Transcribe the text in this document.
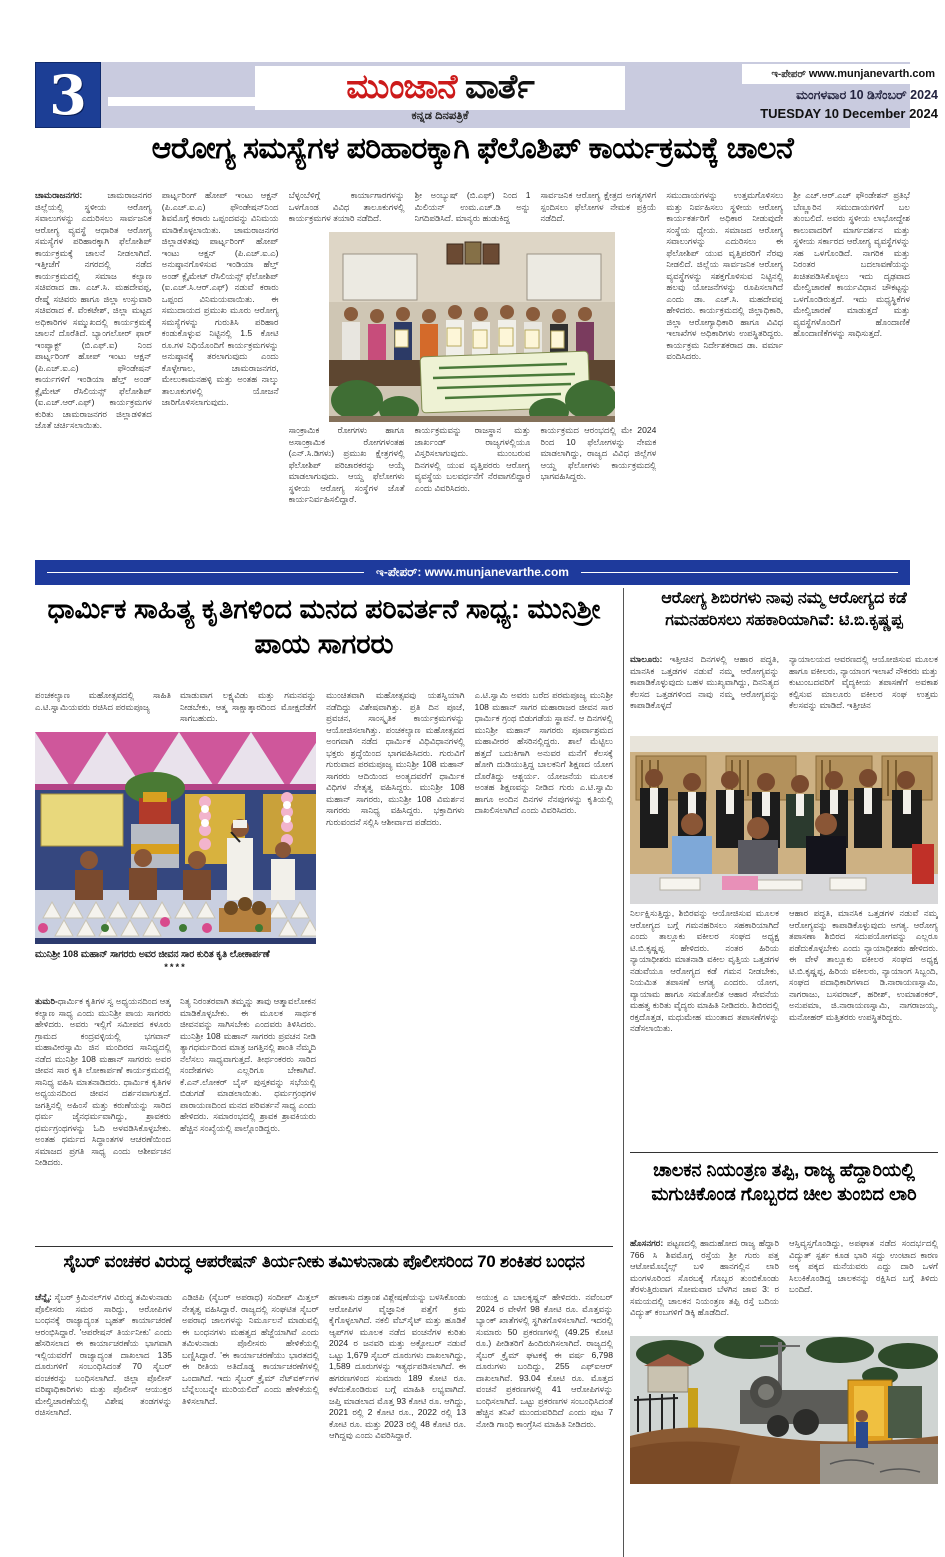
3	ಮುಂಜಾನೆ ವಾರ್ತೆ
ಕನ್ನಡ ದಿನಪತ್ರಿಕೆ
ಇ-ಪೇಪರ್ www.munjanevarth.com
ಮಂಗಳವಾರ 10 ಡಿಸೆಂಬರ್ 2024
TUESDAY 10 December 2024
ಆರೋಗ್ಯ ಸಮಸ್ಯೆಗಳ ಪರಿಹಾರಕ್ಕಾಗಿ ಫೆಲೊಶಿಪ್ ಕಾರ್ಯಕ್ರಮಕ್ಕೆ ಚಾಲನೆ
ಚಾಮರಾಜನಗರ: ಚಾಮರಾಜನಗರ ಜಿಲ್ಲೆಯಲ್ಲಿ ಸ್ಥಳೀಯ ಆರೋಗ್ಯ ಸವಾಲುಗಳನ್ನು ಎದುರಿಸಲು ಸಾರ್ವಜನಿಕ ಆರೋಗ್ಯ ವ್ಯವಸ್ಥೆ ಆಧಾರಿತ ಆರೋಗ್ಯ ಸಮಸ್ಯೆಗಳ ಪರಿಹಾರಕ್ಕಾಗಿ ಫೆಲೋಶಿಪ್ ಕಾರ್ಯಕ್ರಮಕ್ಕೆ ಚಾಲನೆ ನೀಡಲಾಗಿದೆ. ಇತ್ತೀಚೆಗೆ ನಗರದಲ್ಲಿ ನಡೆದ ಕಾರ್ಯಕ್ರಮದಲ್ಲಿ ಸಮಾಜ ಕಲ್ಯಾಣ ಸಚಿವರಾದ ಡಾ. ಎಚ್.ಸಿ. ಮಹದೇವಪ್ಪ, ರೇಷ್ಮೆ ಸಚಿವರು ಹಾಗೂ ಜಿಲ್ಲಾ ಉಸ್ತುವಾರಿ ಸಚಿವರಾದ ಕೆ. ವೆಂಕಟೇಶ್, ಜಿಲ್ಲಾ ಮಟ್ಟದ ಅಧಿಕಾರಿಗಳ ಸಮ್ಮುಖದಲ್ಲಿ ಕಾರ್ಯಕ್ರಮಕ್ಕೆ ಚಾಲನೆ ದೊರೆತಿದೆ. ಬ್ಯಾಂಗಲೋರ್ ಫಾರ್ ಇಂಪ್ಯಾಕ್ಟ್ (ಬಿ.ಎಫ್.ಐ) ನಿಂದ ಪಾರ್ಟ್ನರಿಂಗ್ ಹೋಪ್ ಇಂಟು ಆಕ್ಷನ್ (ಪಿ.ಎಚ್.ಐ.ಎ) ಫೌಂಡೇಷನ್ ಕಾರ್ಯಗಳಿಗೆ ಇಂಡಿಯಾ ಹೆಲ್ತ್ ಅಂಡ್ ಕ್ಲೈಮೇಟ್ ರೆಸಿಲಿಯನ್ಸ್ ಫೆಲೋಶಿಪ್ (ಐ.ಎಚ್.ಆರ್.ಎಫ್) ಕಾರ್ಯಕ್ರಮಗಳ ಕುರಿತು ಚಾಮರಾಜನಗರ ಜಿಲ್ಲಾಡಳಿತದ ಜೊತೆ ಚರ್ಚಿಸಲಾಯಿತು.
ಪಾರ್ಟ್ನರಿಂಗ್ ಹೋಪ್ ಇಂಟು ಆಕ್ಷನ್ (ಪಿ.ಎಚ್.ಐ.ಎ) ಫೌಂಡೇಷನ್‌ನಿಂದ ಶಿವಮೊಗ್ಗೆ ಕರಾರು ಒಪ್ಪಂದವನ್ನು ವಿನಿಮಯ ಮಾಡಿಕೊಳ್ಳಲಾಯಿತು. ಚಾಮರಾಜನಗರ ಜಿಲ್ಲಾಡಳಿತವು ಪಾರ್ಟ್ನರಿಂಗ್ ಹೋಪ್ ಇಂಟು ಆಕ್ಷನ್ (ಪಿ.ಎಚ್.ಐ.ಎ) ಅನುಷ್ಠಾನಗೊಳಿಸುವ ಇಂಡಿಯಾ ಹೆಲ್ತ್ ಅಂಡ್ ಕ್ಲೈಮೇಟ್ ರೆಸಿಲಿಯನ್ಸ್ ಫೆಲೋಶಿಪ್ (ಐ.ಎಚ್.ಸಿ.ಆರ್.ಎಫ್) ನಡುವೆ ಕರಾರು ಒಪ್ಪಂದ ವಿನಿಮಯವಾಯಿತು. ಈ ಸಮುದಾಯದ ಪ್ರಮುಖ ಮೂರು ಆರೋಗ್ಯ ಸಮಸ್ಯೆಗಳನ್ನು ಗುರುತಿಸಿ ಪರಿಹಾರ ಕಂಡುಕೊಳ್ಳುವ ನಿಟ್ಟಿನಲ್ಲಿ 1.5 ಕೋಟಿ ರೂ.ಗಳ ನಿಧಿಯೊಂದಿಗೆ ಕಾರ್ಯಕ್ರಮಗಳನ್ನು ಅನುಷ್ಠಾನಕ್ಕೆ ತರಲಾಗುವುದು ಎಂದು ಕೊಳ್ಳೇಗಾಲ, ಚಾಮರಾಜನಗರ, ಮೇಲುಕಾಮನಹಳ್ಳಿ ಮತ್ತು ಅಂತಹ ನಾಲ್ಕು ತಾಲೂಕುಗಳಲ್ಲಿ ಯೋಜನೆ ಜಾರಿಗೊಳಿಸಲಾಗುವುದು.
ಬೆಳ್ಳಂಬೆಳಿಗ್ಗೆ ಕಾರ್ಯಾಗಾರಗಳನ್ನು ಒಳಗೊಂಡ ವಿವಿಧ ತಾಲೂಕುಗಳಲ್ಲಿ ಕಾರ್ಯಕ್ರಮಗಳ ತಯಾರಿ ನಡೆದಿದೆ.
ಶ್ರೀ ಅಂಬ್ಯುಷ್ (ಬಿ.ಎಫ್) ನಿಂದ 1 ಮಿಲಿಯನ್ ಉಮ.ಎಚ್.ಡಿ ಅನ್ನು ನಿಗದಿಪಡಿಸಿದೆ. ಮಾನ್ಯರು ಹುಡುಕಿದ್ದ
ಸಾರ್ವಜನಿಕ ಆರೋಗ್ಯ ಕ್ಷೇತ್ರದ ಅಗತ್ಯಗಳಿಗೆ ಸ್ಪಂದಿಸಲು ಫೆಲೋಗಳ ನೇಮಕ ಪ್ರಕ್ರಿಯೆ ನಡೆದಿದೆ.
ಸಾಂಕ್ರಾಮಿಕ ರೋಗಗಳು ಹಾಗೂ ಅಸಾಂಕ್ರಾಮಿಕ ರೋಗಗಳಂತಹ (ಎನ್.ಸಿ.ಡಿಗಳು) ಪ್ರಮುಖ ಕ್ಷೇತ್ರಗಳಲ್ಲಿ ಫೆಲೋಶಿಪ್ ಪರಿಚಾರಕರನ್ನು ಆಯ್ಕೆ ಮಾಡಲಾಗುವುದು. ಆಯ್ದ ಫೆಲೋಗಳು ಸ್ಥಳೀಯ ಆರೋಗ್ಯ ಸಂಸ್ಥೆಗಳ ಜೊತೆ ಕಾರ್ಯನಿರ್ವಹಿಸಲಿದ್ದಾರೆ.
ಕಾರ್ಯಕ್ರಮವನ್ನು ರಾಜಸ್ಥಾನ ಮತ್ತು ಜಾರ್ಖಂಡ್ ರಾಜ್ಯಗಳಲ್ಲಿಯೂ ವಿಸ್ತರಿಸಲಾಗುವುದು. ಮುಂಬರುವ ದಿನಗಳಲ್ಲಿ ಯುವ ವೃತ್ತಿಪರರು ಆರೋಗ್ಯ ವ್ಯವಸ್ಥೆಯ ಬಲವರ್ಧನೆಗೆ ನೆರವಾಗಲಿದ್ದಾರೆ ಎಂದು ವಿವರಿಸಿದರು.
ಕಾರ್ಯಕ್ರಮದ ಆರಂಭದಲ್ಲಿ ಮೇ 2024 ರಿಂದ 10 ಫೆಲೋಗಳನ್ನು ನೇಮಕ ಮಾಡಲಾಗಿದ್ದು, ರಾಜ್ಯದ ವಿವಿಧ ಜಿಲ್ಲೆಗಳ ಆಯ್ದ ಫೆಲೋಗಳು ಕಾರ್ಯಕ್ರಮದಲ್ಲಿ ಭಾಗವಹಿಸಿದ್ದರು.
ಸಮುದಾಯಗಳನ್ನು ಉತ್ತಮಗೊಳಿಸಲು ಮತ್ತು ನಿರ್ವಹಿಸಲು ಸ್ಥಳೀಯ ಆರೋಗ್ಯ ಕಾರ್ಯಕರ್ತರಿಗೆ ಅಧಿಕಾರ ನೀಡುವುದೇ ಸಂಸ್ಥೆಯ ಧ್ಯೇಯ. ಸಮಾಜದ ಆರೋಗ್ಯ ಸವಾಲುಗಳನ್ನು ಎದುರಿಸಲು ಈ ಫೆಲೋಶಿಪ್ ಯುವ ವೃತ್ತಿಪರರಿಗೆ ನೆರವು ನೀಡಲಿದೆ. ಜಿಲ್ಲೆಯ ಸಾರ್ವಜನಿಕ ಆರೋಗ್ಯ ವ್ಯವಸ್ಥೆಗಳನ್ನು ಸಶಕ್ತಗೊಳಿಸುವ ನಿಟ್ಟಿನಲ್ಲಿ ಹಲವು ಯೋಜನೆಗಳನ್ನು ರೂಪಿಸಲಾಗಿದೆ ಎಂದು ಡಾ. ಎಚ್.ಸಿ. ಮಹದೇವಪ್ಪ ಹೇಳಿದರು. ಕಾರ್ಯಕ್ರಮದಲ್ಲಿ ಜಿಲ್ಲಾಧಿಕಾರಿ, ಜಿಲ್ಲಾ ಆರೋಗ್ಯಾಧಿಕಾರಿ ಹಾಗೂ ವಿವಿಧ ಇಲಾಖೆಗಳ ಅಧಿಕಾರಿಗಳು ಉಪಸ್ಥಿತರಿದ್ದರು. ಕಾರ್ಯಕ್ರಮ ನಿರ್ದೇಶಕರಾದ ಡಾ. ವರ್ಮಾ ವಂದಿಸಿದರು.
ಶ್ರೀ ಎಚ್.ಆರ್.ಎಚ್ ಫೌಂಡೇಶನ್ ಪ್ರತಿಭೆ ಬೆಣ್ಣೂರಿನ ಸಮುದಾಯಗಳಿಗೆ ಬಲ ತುಂಬಲಿದೆ. ಅವರು ಸ್ಥಳೀಯ ಲಾಭೋದ್ದೇಶ ಕಾಲುವಾದರಿಗೆ ಮಾರ್ಗದರ್ಶನ ಮತ್ತು ಸ್ಥಳೀಯ ಸರ್ಕಾರದ ಆರೋಗ್ಯ ವ್ಯವಸ್ಥೆಗಳನ್ನು ಸಹ ಒಳಗೊಂಡಿದೆ. ನಾಗರಿಕ ಮತ್ತು ನಿರಂತರ ಬದಲಾವಣೆಯನ್ನು ಖಚಿತಪಡಿಸಿಕೊಳ್ಳಲು ಇದು ದೃಢವಾದ ಮೇಲ್ವಿಚಾರಣೆ ಕಾರ್ಯವಿಧಾನ ಚೌಕಟ್ಟನ್ನು ಒಳಗೊಂಡಿರುತ್ತದೆ. ಇದು ಮಧ್ಯಸ್ಥಿಕೆಗಳ ಮೇಲ್ವಿಚಾರಣೆ ಮಾಡುತ್ತದೆ ಮತ್ತು ವ್ಯವಸ್ಥೆಗಳೊಂದಿಗೆ ಹೊಂದಾಣಿಕೆ ಹೊಂದಾಣಿಕೆಗಳನ್ನು ಸಾಧಿಸುತ್ತದೆ.
ಇ-ಪೇಪರ್: www.munjanevarthe.com
ಧಾರ್ಮಿಕ ಸಾಹಿತ್ಯ ಕೃತಿಗಳಿಂದ ಮನದ ಪರಿವರ್ತನೆ ಸಾಧ್ಯ: ಮುನಿಶ್ರೀ ಪಾಯ ಸಾಗರರು
ಪಂಚಕಲ್ಯಾಣ ಮಹೋತ್ಸವದಲ್ಲಿ ಸಾಹಿತಿ ಎ.ಟಿ.ಸ್ವಾಮಿಯವರು ರಚಿಸಿದ ಪರಮಪೂಜ್ಯ
ಮಾಡುವಾಗ ಲಕ್ಷ್ಯವಿಡು ಮತ್ತು ಗಮನವನ್ನು ನೀಡಬೇಕು, ಆತ್ಮ ಸಾಕ್ಷಾತ್ಕಾರದಿಂದ ಮೋಕ್ಷದೆಡೆಗೆ ಸಾಗಬಹುದು.
ಮುನಿಶ್ರೀ 108 ಮಹಾನ್ ಸಾಗರರು ಅವರ ಜೀವನ ಸಾರ ಕುರಿತ ಕೃತಿ ಲೋಕಾರ್ಪಣೆ
****
ತುಮರಿ-ಧಾರ್ಮಿಕ ಕೃತಿಗಳ ಸ್ವ ಅಧ್ಯಯನದಿಂದ ಆತ್ಮ ಕಲ್ಯಾಣ ಸಾಧ್ಯ ಎಂದು ಮುನಿಶ್ರೀ ಪಾಯ ಸಾಗರರು ಹೇಳಿದರು. ಅವರು ಇಲ್ಲಿಗೆ ಸಮೀಪದ ಕಳೂರು ಗ್ರಾಮದ ಕಂದ್ರವಳ್ಳಿಯಲ್ಲಿ ಭಗವಾನ್ ಮಹಾವೀರಸ್ವಾಮಿ ಜಿನ ಮಂದಿರದ ಸಾನಿಧ್ಯದಲ್ಲಿ ನಡೆದ ಮುನಿಶ್ರೀ 108 ಮಹಾನ್ ಸಾಗರರು ಅವರ ಜೀವನ ಸಾರ ಕೃತಿ ಲೋಕಾರ್ಪಣೆ ಕಾರ್ಯಕ್ರಮದಲ್ಲಿ ಸಾನಿಧ್ಯ ವಹಿಸಿ ಮಾತನಾಡಿದರು. ಧಾರ್ಮಿಕ ಕೃತಿಗಳ ಅಧ್ಯಯನದಿಂದ ಜೀವನ ದರ್ಶನವಾಗುತ್ತದೆ. ಜಗತ್ತಿನಲ್ಲಿ ಅಹಿಂಸೆ ಮತ್ತು ಕರುಣೆಯನ್ನು ಸಾರಿದ ಧರ್ಮ ಜೈನಧರ್ಮವಾಗಿದ್ದು, ಶ್ರಾವಕರು ಧರ್ಮಗ್ರಂಥಗಳನ್ನು ಓದಿ ಅಳವಡಿಸಿಕೊಳ್ಳಬೇಕು. ಅಂತಹ ಧರ್ಮದ ಸಿದ್ಧಾಂತಗಳ ಆಚರಣೆಯಿಂದ ಸಮಾಜದ ಪ್ರಗತಿ ಸಾಧ್ಯ ಎಂದು ಆಶೀರ್ವಚನ ನೀಡಿದರು.
ನಿತ್ಯ ನಿರಂತರವಾಗಿ ತಮ್ಮನ್ನು ತಾವು ಆತ್ಮಾವಲೋಕನ ಮಾಡಿಕೊಳ್ಳಬೇಕು. ಈ ಮೂಲಕ ಸಾರ್ಥಕ ಜೀವನವನ್ನು ಸಾಗಿಸಬೇಕು ಎಂದವರು ತಿಳಿಸಿದರು. ಮುನಿಶ್ರೀ 108 ಮಹಾನ್ ಸಾಗರರು ಪ್ರವಚನ ನೀಡಿ ತ್ಯಾಗಧರ್ಮದಿಂದ ಮಾತ್ರ ಜಗತ್ತಿನಲ್ಲಿ ಶಾಂತಿ ನೆಮ್ಮದಿ ನೆಲೆಸಲು ಸಾಧ್ಯವಾಗುತ್ತದೆ. ತೀರ್ಥಂಕರರು ಸಾರಿದ ಸಂದೇಶಗಳು ಎಲ್ಲರಿಗೂ ಬೇಕಾಗಿವೆ. ಕೆ.ಎನ್.ಲೋಕರ್ ಬೈಸ್ ಪುಸ್ತಕವನ್ನು ಸಭೆಯಲ್ಲಿ ಬಿಡುಗಡೆ ಮಾಡಲಾಯಿತು. ಧರ್ಮಗ್ರಂಥಗಳ ಪಾರಾಯಣದಿಂದ ಮನದ ಪರಿವರ್ತನೆ ಸಾಧ್ಯ ಎಂದು ಹೇಳಿದರು. ಸಮಾರಂಭದಲ್ಲಿ ಶ್ರಾವಕ ಶ್ರಾವಕಿಯರು ಹೆಚ್ಚಿನ ಸಂಖ್ಯೆಯಲ್ಲಿ ಪಾಲ್ಗೊಂಡಿದ್ದರು.
ಮುಂಚಿತವಾಗಿ ಮಹೋತ್ಸವವು ಯಶಸ್ವಿಯಾಗಿ ನಡೆದಿದ್ದು ವಿಶೇಷವಾಗಿತ್ತು. ಪ್ರತಿ ದಿನ ಪೂಜೆ, ಪ್ರವಚನ, ಸಾಂಸ್ಕೃತಿಕ ಕಾರ್ಯಕ್ರಮಗಳನ್ನು ಆಯೋಜಿಸಲಾಗಿತ್ತು. ಪಂಚಕಲ್ಯಾಣ ಮಹೋತ್ಸವದ ಅಂಗವಾಗಿ ನಡೆದ ಧಾರ್ಮಿಕ ವಿಧಿವಿಧಾನಗಳಲ್ಲಿ ಭಕ್ತರು ಶ್ರದ್ಧೆಯಿಂದ ಭಾಗವಹಿಸಿದರು. ಗುರುವಿಗೆ ಗುರುವಾದ ಪರಮಪೂಜ್ಯ ಮುನಿಶ್ರೀ 108 ಮಹಾನ್ ಸಾಗರರು ಆದಿಯಿಂದ ಅಂತ್ಯದವರೆಗೆ ಧಾರ್ಮಿಕ ವಿಧಿಗಳ ನೇತೃತ್ವ ವಹಿಸಿದ್ದರು. ಮುನಿಶ್ರೀ 108 ಮಹಾನ್ ಸಾಗರರು, ಮುನಿಶ್ರೀ 108 ವಿಮರ್ಶನ ಸಾಗರರು ಸಾನಿಧ್ಯ ವಹಿಸಿದ್ದರು. ಭಕ್ತಾದಿಗಳು ಗುರುವಂದನೆ ಸಲ್ಲಿಸಿ ಆಶೀರ್ವಾದ ಪಡೆದರು.
ಎ.ಟಿ.ಸ್ವಾಮಿ ಅವರು ಬರೆದ ಪರಮಪೂಜ್ಯ ಮುನಿಶ್ರೀ 108 ಮಹಾನ್ ಸಾಗರ ಮಹಾರಾಜರ ಜೀವನ ಸಾರ ಧಾರ್ಮಿಕ ಗ್ರಂಥ ಬಿಡುಗಡೆಯ ಸ್ಥಾಪನೆ. ಆ ದಿನಗಳಲ್ಲಿ ಮುನಿಶ್ರೀ ಮಹಾನ್ ಸಾಗರರು ಪೂರ್ವಾಶ್ರಮದ ಮಹಾವೀರರ ಹೆಸರಿನಲ್ಲಿದ್ದರು. ಶಾಲೆ ಮೆಟ್ಟಿಲು ಹತ್ತದೆ ಬದುಕಿಗಾಗಿ ಅನುವರ ಮನೆಗೆ ಕೆಲಸಕ್ಕೆ ಹೋಗಿ ದುಡಿಯುತ್ತಿದ್ದ ಬಾಲಕನಿಗೆ ಶಿಕ್ಷಣದ ಯೋಗ ದೊರೆತಿದ್ದು ಆಶ್ಚರ್ಯ. ಯೋಜನೆಯ ಮೂಲಕ ಅಂತಹ ಶಿಕ್ಷಣವನ್ನು ನೀಡಿದ ಗುರು ಎ.ಟಿ.ಸ್ವಾಮಿ ಹಾಗೂ ಅಂದಿನ ದಿನಗಳ ನೆನಪುಗಳನ್ನು ಕೃತಿಯಲ್ಲಿ ದಾಖಲಿಸಲಾಗಿದೆ ಎಂದು ವಿವರಿಸಿದರು.
ಆರೋಗ್ಯ ಶಿಬಿರಗಳು ನಾವು ನಮ್ಮ ಆರೋಗ್ಯದ ಕಡೆ ಗಮನಹರಿಸಲು ಸಹಕಾರಿಯಾಗಿವೆ: ಟಿ.ಬಿ.ಕೃಷ್ಣಪ್ಪ
ಮಾಲೂರು: ಇತ್ತೀಚಿನ ದಿನಗಳಲ್ಲಿ ಆಹಾರ ಪದ್ಧತಿ, ಮಾನಸಿಕ ಒತ್ತಡಗಳ ನಡುವೆ ನಮ್ಮ ಆರೋಗ್ಯವನ್ನು ಕಾಪಾಡಿಕೊಳ್ಳುವುದು ಬಹಳ ಮುಖ್ಯವಾಗಿದ್ದು, ದಿನನಿತ್ಯದ ಕೆಲಸದ ಒತ್ತಡಗಳಿಂದ ನಾವು ನಮ್ಮ ಆರೋಗ್ಯವನ್ನು ಕಾಪಾಡಿಕೊಳ್ಳದೆ
ನ್ಯಾಯಾಲಯದ ಆವರಣದಲ್ಲಿ ಆಯೋಜಿಸುವ ಮೂಲಕ ಹಾಗೂ ವಕೀಲರು, ನ್ಯಾಯಾಂಗ ಇಲಾಖೆ ನೌಕರರು ಮತ್ತು ಕುಟುಂಬದವರಿಗೆ ವೈದ್ಯಕೀಯ ತಪಾಸಣೆಗೆ ಅವಕಾಶ ಕಲ್ಪಿಸುವ ಮಾಲೂರು ವಕೀಲರ ಸಂಘ ಉತ್ತಮ ಕೆಲಸವನ್ನು ಮಾಡಿದೆ. ಇತ್ತೀಚಿನ
ನಿರ್ಲಕ್ಷಿಸುತ್ತಿದ್ದು, ಶಿಬಿರವನ್ನು ಆಯೋಜಿಸುವ ಮೂಲಕ ಆರೋಗ್ಯದ ಬಗ್ಗೆ ಗಮನಹರಿಸಲು ಸಹಕಾರಿಯಾಗಿದೆ ಎಂದು ತಾಲ್ಲೂಕು ವಕೀಲರ ಸಂಘದ ಅಧ್ಯಕ್ಷ ಟಿ.ಬಿ.ಕೃಷ್ಣಪ್ಪ ಹೇಳಿದರು. ನಂತರ ಹಿರಿಯ ನ್ಯಾಯಾಧೀಶರು ಮಾತನಾಡಿ ವಕೀಲ ವೃತ್ತಿಯ ಒತ್ತಡಗಳ ನಡುವೆಯೂ ಆರೋಗ್ಯದ ಕಡೆ ಗಮನ ನೀಡಬೇಕು, ನಿಯಮಿತ ತಪಾಸಣೆ ಅಗತ್ಯ ಎಂದರು. ಯೋಗ, ವ್ಯಾಯಾಮ ಹಾಗೂ ಸಮತೋಲಿತ ಆಹಾರ ಸೇವನೆಯ ಮಹತ್ವ ಕುರಿತು ವೈದ್ಯರು ಮಾಹಿತಿ ನೀಡಿದರು. ಶಿಬಿರದಲ್ಲಿ ರಕ್ತದೊತ್ತಡ, ಮಧುಮೇಹ ಮುಂತಾದ ತಪಾಸಣೆಗಳನ್ನು ನಡೆಸಲಾಯಿತು.
ಆಹಾರ ಪದ್ಧತಿ, ಮಾನಸಿಕ ಒತ್ತಡಗಳ ನಡುವೆ ನಮ್ಮ ಆರೋಗ್ಯವನ್ನು ಕಾಪಾಡಿಕೊಳ್ಳುವುದು ಅಗತ್ಯ. ಆರೋಗ್ಯ ತಪಾಸಣಾ ಶಿಬಿರದ ಸದುಪಯೋಗವನ್ನು ಎಲ್ಲರೂ ಪಡೆದುಕೊಳ್ಳಬೇಕು ಎಂದು ನ್ಯಾಯಾಧೀಶರು ಹೇಳಿದರು. ಈ ವೇಳೆ ತಾಲ್ಲೂಕು ವಕೀಲರ ಸಂಘದ ಅಧ್ಯಕ್ಷ ಟಿ.ಬಿ.ಕೃಷ್ಣಪ್ಪ, ಹಿರಿಯ ವಕೀಲರು, ನ್ಯಾಯಾಂಗ ಸಿಬ್ಬಂದಿ, ಸಂಘದ ಪದಾಧಿಕಾರಿಗಳಾದ ಡಿ.ನಾರಾಯಣಸ್ವಾಮಿ, ನಾಗರಾಜು, ಬಸವರಾಜ್, ಹರೀಶ್, ಉಮಾಶಂಕರ್, ಅನುಪಮಾ, ಜಿ.ನಾರಾಯಣಸ್ವಾಮಿ, ನಾಗರಾಜಯ್ಯ, ಮನೋಹರ್ ಮತ್ತಿತರರು ಉಪಸ್ಥಿತರಿದ್ದರು.
ಚಾಲಕನ ನಿಯಂತ್ರಣ ತಪ್ಪಿ, ರಾಜ್ಯ ಹೆದ್ದಾರಿಯಲ್ಲಿ ಮಗುಚಿಕೊಂಡ ಗೊಬ್ಬರದ ಚೀಲ ತುಂಬಿದ ಲಾರಿ
ಹೊಸನಗರ: ಪಟ್ಟಣದಲ್ಲಿ ಹಾದುಹೋದ ರಾಜ್ಯ ಹೆದ್ದಾರಿ 766 ಸಿ ಶಿವಮೊಗ್ಗ ರಸ್ತೆಯ ಶ್ರೀ ಗುರು ಪತ್ತ ಆಟೋಮೊಬೈಲ್ಸ್ ಬಳಿ ಹಾನಗಲ್ಲಿನ ಲಾರಿ ಮಂಗಳೂರಿಂದ ಸೊರಬಕ್ಕೆ ಗೊಬ್ಬರ ತುಂಬಿಕೊಂಡು ತೆರಳುತ್ತಿರುವಾಗ ಸೋಮವಾರ ಬೆಳಗಿನ ಜಾವ 3: ರ ಸಮಯದಲ್ಲಿ ಚಾಲಕನ ನಿಯಂತ್ರಣ ತಪ್ಪಿ ರಸ್ತೆ ಬದಿಯ ವಿದ್ಯುತ್ ಕಂಬಗಳಿಗೆ ಡಿಕ್ಕಿ ಹೊಡೆದಿದೆ.
ಆಸ್ತಿವ್ಯಸ್ತಗೊಂಡಿದ್ದು, ಅಪಘಾತ ನಡೆದ ಸಂದರ್ಭದಲ್ಲಿ ವಿದ್ಯುತ್ ಸ್ಪರ್ಶ ಕೂಡ ಭಾರಿ ಸದ್ದು ಉಂಟಾದ ಕಾರಣ ಅಕ್ಕ ಪಕ್ಕದ ಮನೆಯವರು ಎದ್ದು ದಾರಿ ಒಳಗೆ ಸಿಲುಕಿಕೊಂಡಿದ್ದ ಚಾಲಕನನ್ನು ರಕ್ಷಿಸಿದ ಬಗ್ಗೆ ತಿಳಿದು ಬಂದಿದೆ.
ಸೈಬರ್ ವಂಚಕರ ವಿರುದ್ಧ ಆಪರೇಷನ್ ತಿರ್ಯನೀಕು ತಮಿಳುನಾಡು ಪೊಲೀಸರಿಂದ 70 ಶಂಕಿತರ ಬಂಧನ
ಚೆನ್ನೈ: ಸೈಬರ್ ಕ್ರಿಮಿನಲ್‌ಗಳ ವಿರುದ್ಧ ತಮಿಳುನಾಡು ಪೊಲೀಸರು ಸಮರ ಸಾರಿದ್ದು, ಆರೋಪಿಗಳ ಬಂಧನಕ್ಕೆ ರಾಜ್ಯಾದ್ಯಂತ ಬೃಹತ್ ಕಾರ್ಯಾಚರಣೆ ಆರಂಭಿಸಿದ್ದಾರೆ. 'ಆಪರೇಷನ್ ತಿರ್ಯನೀಕು' ಎಂದು ಹೆಸರಿಸಲಾದ ಈ ಕಾರ್ಯಾಚರಣೆಯ ಭಾಗವಾಗಿ ಇಲ್ಲಿಯವರೆಗೆ ರಾಜ್ಯಾದ್ಯಂತ ದಾಖಲಾದ 135 ದೂರುಗಳಿಗೆ ಸಂಬಂಧಿಸಿದಂತೆ 70 ಸೈಬರ್ ವಂಚಕರನ್ನು ಬಂಧಿಸಲಾಗಿದೆ. ಜಿಲ್ಲಾ ಪೊಲೀಸ್ ವರಿಷ್ಠಾಧಿಕಾರಿಗಳು ಮತ್ತು ಪೊಲೀಸ್ ಆಯುಕ್ತರ ಮೇಲ್ವಿಚಾರಣೆಯಲ್ಲಿ ವಿಶೇಷ ತಂಡಗಳನ್ನು ರಚಿಸಲಾಗಿದೆ.
ಎಡಿಜಿಪಿ (ಸೈಬರ್ ಅಪರಾಧ) ಸಂದೀಪ್ ಮಿತ್ತಲ್ ನೇತೃತ್ವ ವಹಿಸಿದ್ದಾರೆ. ರಾಜ್ಯದಲ್ಲಿ ಸಂಘಟಿತ ಸೈಬರ್ ಅಪರಾಧ ಜಾಲಗಳನ್ನು ನಿರ್ಮೂಲನೆ ಮಾಡುವಲ್ಲಿ ಈ ಬಂಧನಗಳು ಮಹತ್ವದ ಹೆಜ್ಜೆಯಾಗಿವೆ ಎಂದು ತಮಿಳುನಾಡು ಪೊಲೀಸರು ಹೇಳಿಕೆಯಲ್ಲಿ ಬಣ್ಣಿಸಿದ್ದಾರೆ. 'ಈ ಕಾರ್ಯಾಚರಣೆಯು ಭಾರತದಲ್ಲಿ ಈ ರೀತಿಯ ಅತಿದೊಡ್ಡ ಕಾರ್ಯಾಚರಣೆಗಳಲ್ಲಿ ಒಂದಾಗಿದೆ. ಇದು ಸೈಬರ್ ಕ್ರೈಮ್ ನೆಟ್‌ವರ್ಕ್‌ಗಳ ಬೆನ್ನೆಲುಬನ್ನೇ ಮುರಿಯಲಿದೆ' ಎಂದು ಹೇಳಿಕೆಯಲ್ಲಿ ತಿಳಿಸಲಾಗಿದೆ.
ಹಣಕಾಸು ದತ್ತಾಂಶ ವಿಶ್ಲೇಷಣೆಯನ್ನು ಬಳಸಿಕೊಂಡು ಆರೋಪಿಗಳ ವೈಜ್ಞಾನಿಕ ಪತ್ತೆಗೆ ಕ್ರಮ ಕೈಗೊಳ್ಳಲಾಗಿದೆ. ನಕಲಿ ವೆಬ್‌ಸೈಟ್ ಮತ್ತು ಹೂಡಿಕೆ ಆ್ಯಪ್‌ಗಳ ಮೂಲಕ ನಡೆದ ವಂಚನೆಗಳ ಕುರಿತು 2024 ರ ಜನವರಿ ಮತ್ತು ಅಕ್ಟೋಬರ್ ನಡುವೆ ಒಟ್ಟು 1,679 ಸೈಬರ್ ದೂರುಗಳು ದಾಖಲಾಗಿದ್ದು, 1,589 ದೂರುಗಳನ್ನು ಇತ್ಯರ್ಥಪಡಿಸಲಾಗಿದೆ. ಈ ಹಗರಣಗಳಿಂದ ಸುಮಾರು 189 ಕೋಟಿ ರೂ. ಕಳೆದುಕೊಂಡಿರುವ ಬಗ್ಗೆ ಮಾಹಿತಿ ಲಭ್ಯವಾಗಿದೆ. ಜಪ್ತಿ ಮಾಡಲಾದ ಮೊತ್ತ 93 ಕೋಟಿ ರೂ. ಆಗಿದ್ದು, 2021 ರಲ್ಲಿ 2 ಕೋಟಿ ರೂ., 2022 ರಲ್ಲಿ 13 ಕೋಟಿ ರೂ. ಮತ್ತು 2023 ರಲ್ಲಿ 48 ಕೋಟಿ ರೂ. ಆಗಿದ್ದವು ಎಂದು ವಿವರಿಸಿದ್ದಾರೆ.
ಅಯುಕ್ತ ಎ ಬಾಲಕೃಷ್ಣನ್ ಹೇಳಿದರು. ನವೆಂಬರ್ 2024 ರ ವೇಳೆಗೆ 98 ಕೋಟಿ ರೂ. ಮೊತ್ತವನ್ನು ಬ್ಯಾಂಕ್ ಖಾತೆಗಳಲ್ಲಿ ಸ್ಥಗಿತಗೊಳಿಸಲಾಗಿದೆ. ಇದರಲ್ಲಿ ಸುಮಾರು 50 ಪ್ರಕರಣಗಳಲ್ಲಿ (49.25 ಕೋಟಿ ರೂ.) ಪೀಡಿತರಿಗೆ ಹಿಂದಿರುಗಿಸಲಾಗಿದೆ. ರಾಜ್ಯದಲ್ಲಿ ಸೈಬರ್ ಕ್ರೈಮ್ ಘಟಕಕ್ಕೆ ಈ ವರ್ಷ 6,798 ದೂರುಗಳು ಬಂದಿದ್ದು, 255 ಎಫ್‌ಐಆರ್ ದಾಖಲಾಗಿವೆ. 93.04 ಕೋಟಿ ರೂ. ಮೊತ್ತದ ವಂಚನೆ ಪ್ರಕರಣಗಳಲ್ಲಿ 41 ಆರೋಪಿಗಳನ್ನು ಬಂಧಿಸಲಾಗಿದೆ. ಒಟ್ಟು ಪ್ರಕರಣಗಳ ಸಂಬಂಧಿಸಿದಂತೆ ಹೆಚ್ಚಿನ ತನಿಖೆ ಮುಂದುವರಿದಿದೆ ಎಂದು ಪುಟ 7 ನೋಡಿ ಗಾಂಧಿ ಕಾಂಗ್ರೆಸಿನ ಮಾಹಿತಿ ನೀಡಿದರು.
